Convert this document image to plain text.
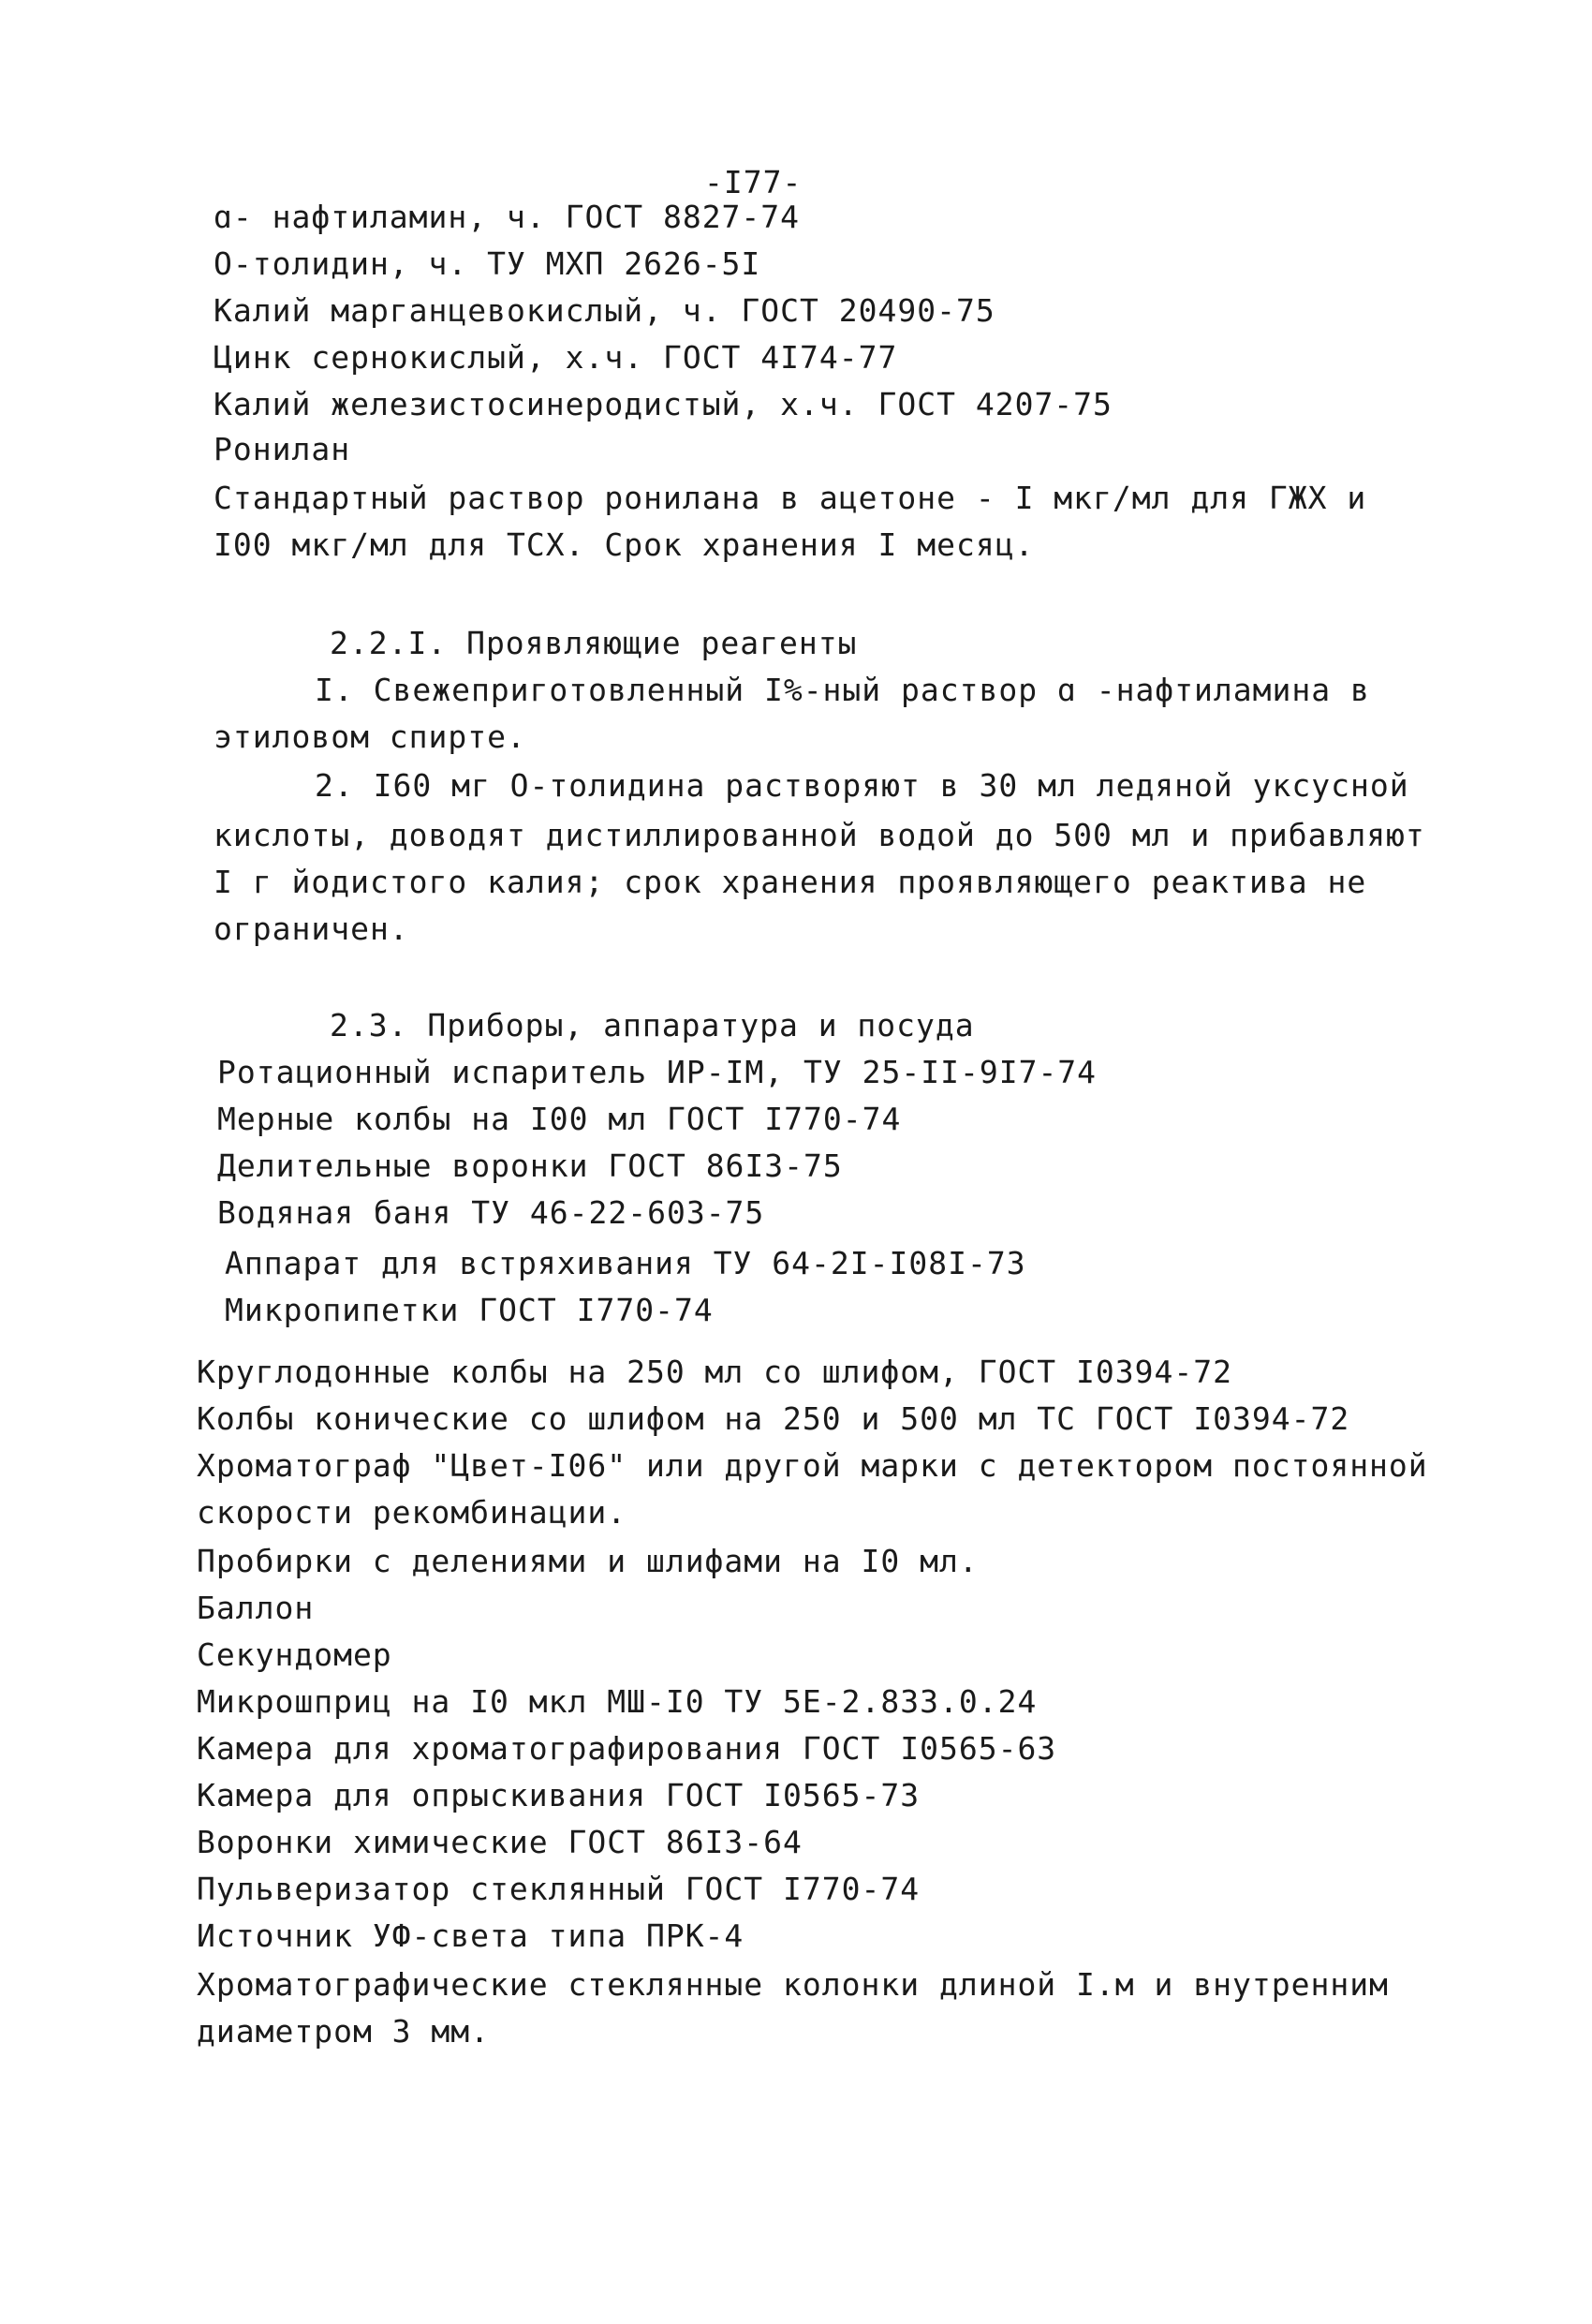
-I77-
ɑ- нафтиламин, ч. ГОСТ 8827-74
О-толидин, ч. ТУ МХП 2626-5I
Калий марганцевокислый, ч. ГОСТ 20490-75
Цинк сернокислый, х.ч. ГОСТ 4I74-77
Калий железистосинеродистый, х.ч. ГОСТ 4207-75
Ронилан
Стандартный раствор ронилана в ацетоне - I мкг/мл для ГЖХ и
I00 мкг/мл для ТСХ. Срок хранения I месяц.
2.2.I. Проявляющие реагенты
I. Свежеприготовленный I%-ный раствор ɑ -нафтиламина в
этиловом спирте.
2. I60 мг О-толидина растворяют в 30 мл ледяной уксусной
кислоты, доводят дистиллированной водой до 500 мл и прибавляют
I г йодистого калия; срок хранения проявляющего реактива не
ограничен.
2.3. Приборы, аппаратура и посуда
Ротационный испаритель ИР-IМ, ТУ 25-II-9I7-74
Мерные колбы на I00 мл ГОСТ I770-74
Делительные воронки ГОСТ 86I3-75
Водяная баня ТУ 46-22-603-75
Аппарат для встряхивания ТУ 64-2I-I08I-73
Микропипетки ГОСТ I770-74
Круглодонные колбы на 250 мл со шлифом, ГОСТ I0394-72
Колбы конические со шлифом на 250 и 500 мл ТС ГОСТ I0394-72
Хроматограф "Цвет-I06" или другой марки с детектором постоянной
скорости рекомбинации.
Пробирки с делениями и шлифами на I0 мл.
Баллон
Секундомер
Микрошприц на I0 мкл МШ-I0 ТУ 5Е-2.833.0.24
Камера для хроматографирования ГОСТ I0565-63
Камера для опрыскивания ГОСТ I0565-73
Воронки химические ГОСТ 86I3-64
Пульверизатор стеклянный ГОСТ I770-74
Источник УФ-света типа ПРК-4
Хроматографические стеклянные колонки длиной I.м и внутренним
диаметром 3 мм.
